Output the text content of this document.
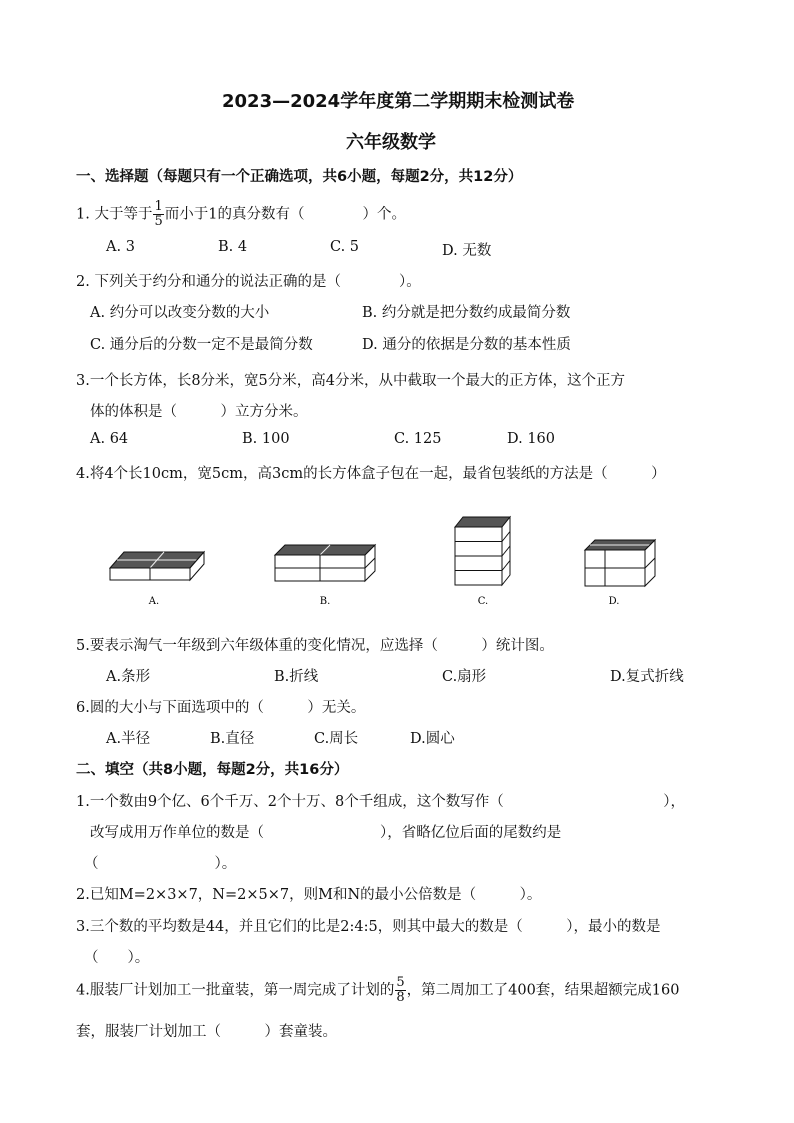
2023—2024学年度第二学期期末检测试卷
六年级数学
一、选择题（每题只有一个正确选项，共6小题，每题2分，共12分）
1. 大于等于 $\frac{1}{5}$ 而小于1的真分数有（　　　　）个。
A. 3	B. 4	C. 5	D. 无数
2. 下列关于约分和通分的说法正确的是（　　　　）。
A. 约分可以改变分数的大小	B. 约分就是把分数约成最简分数
C. 通分后的分数一定不是最简分数	D. 通分的依据是分数的基本性质
3.一个长方体，长8分米，宽5分米，高4分米，从中截取一个最大的正方体，这个正方
体的体积是（　　　）立方分米。
A. 64	B. 100	C. 125	D. 160
4.将4个长10cm，宽5cm，高3cm的长方体盒子包在一起，最省包装纸的方法是（　　　）
A.	B.	C.	D.
5.要表示淘气一年级到六年级体重的变化情况，应选择（　　　）统计图。
A.条形	B.折线	C.扇形	D.复式折线
6.圆的大小与下面选项中的（　　　）无关。
A.半径	B.直径	C.周长	D.圆心
二、填空（共8小题，每题2分，共16分）
1.一个数由9个亿、6个千万、2个十万、8个千组成，这个数写作（　　　　　　　　　　　），
改写成用万作单位的数是（　　　　　　　　），省略亿位后面的尾数约是
（　　　　　　　　）。
2.已知M=2×3×7，N=2×5×7，则M和N的最小公倍数是（　　　）。
3.三个数的平均数是44，并且它们的比是2:4:5，则其中最大的数是（　　　），最小的数是
（　　）。
4.服装厂计划加工一批童装，第一周完成了计划的 $\frac{5}{8}$ ，第二周加工了400套，结果超额完成160
套，服装厂计划加工（　　　）套童装。
